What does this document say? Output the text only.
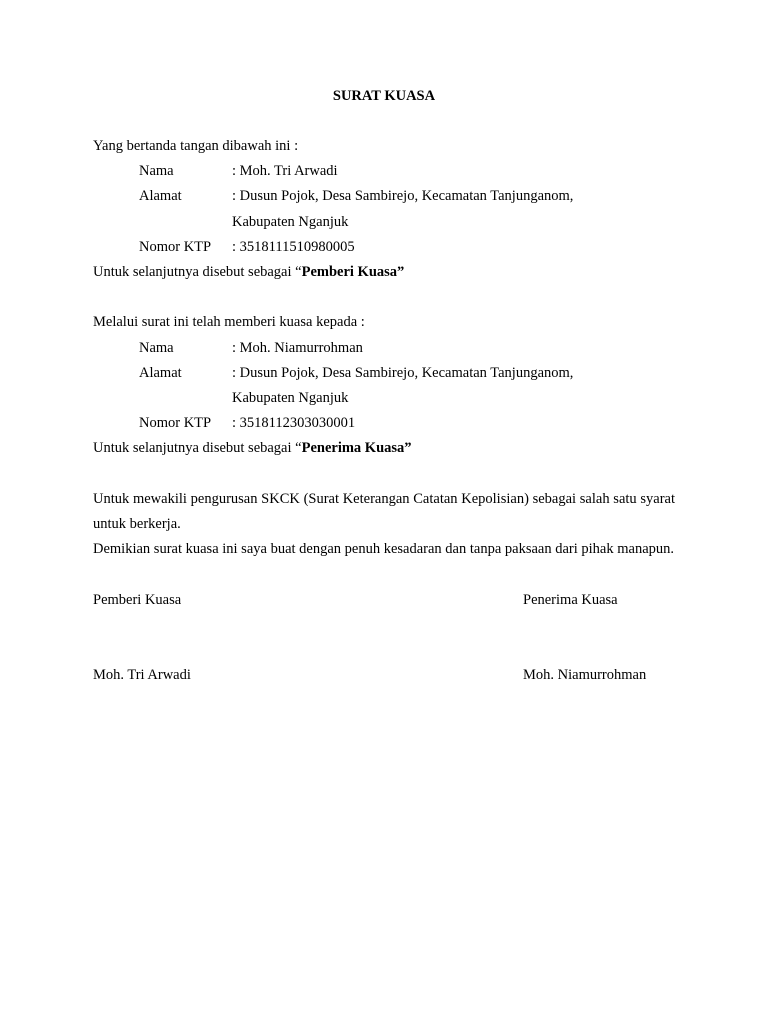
SURAT KUASA
Yang bertanda tangan dibawah ini :
Nama	: Moh. Tri Arwadi
Alamat	: Dusun Pojok, Desa Sambirejo, Kecamatan Tanjunganom,
Kabupaten Nganjuk
Nomor KTP	: 3518111510980005
Untuk selanjutnya disebut sebagai “Pemberi Kuasa”
Melalui surat ini telah memberi kuasa kepada :
Nama	: Moh. Niamurrohman
Alamat	: Dusun Pojok, Desa Sambirejo, Kecamatan Tanjunganom,
Kabupaten Nganjuk
Nomor KTP	: 3518112303030001
Untuk selanjutnya disebut sebagai “Penerima Kuasa”
Untuk mewakili pengurusan SKCK (Surat Keterangan Catatan Kepolisian) sebagai salah satu syarat untuk berkerja.
Demikian surat kuasa ini saya buat dengan penuh kesadaran dan tanpa paksaan dari pihak manapun.
Pemberi Kuasa	Penerima Kuasa
Moh. Tri Arwadi	Moh. Niamurrohman
